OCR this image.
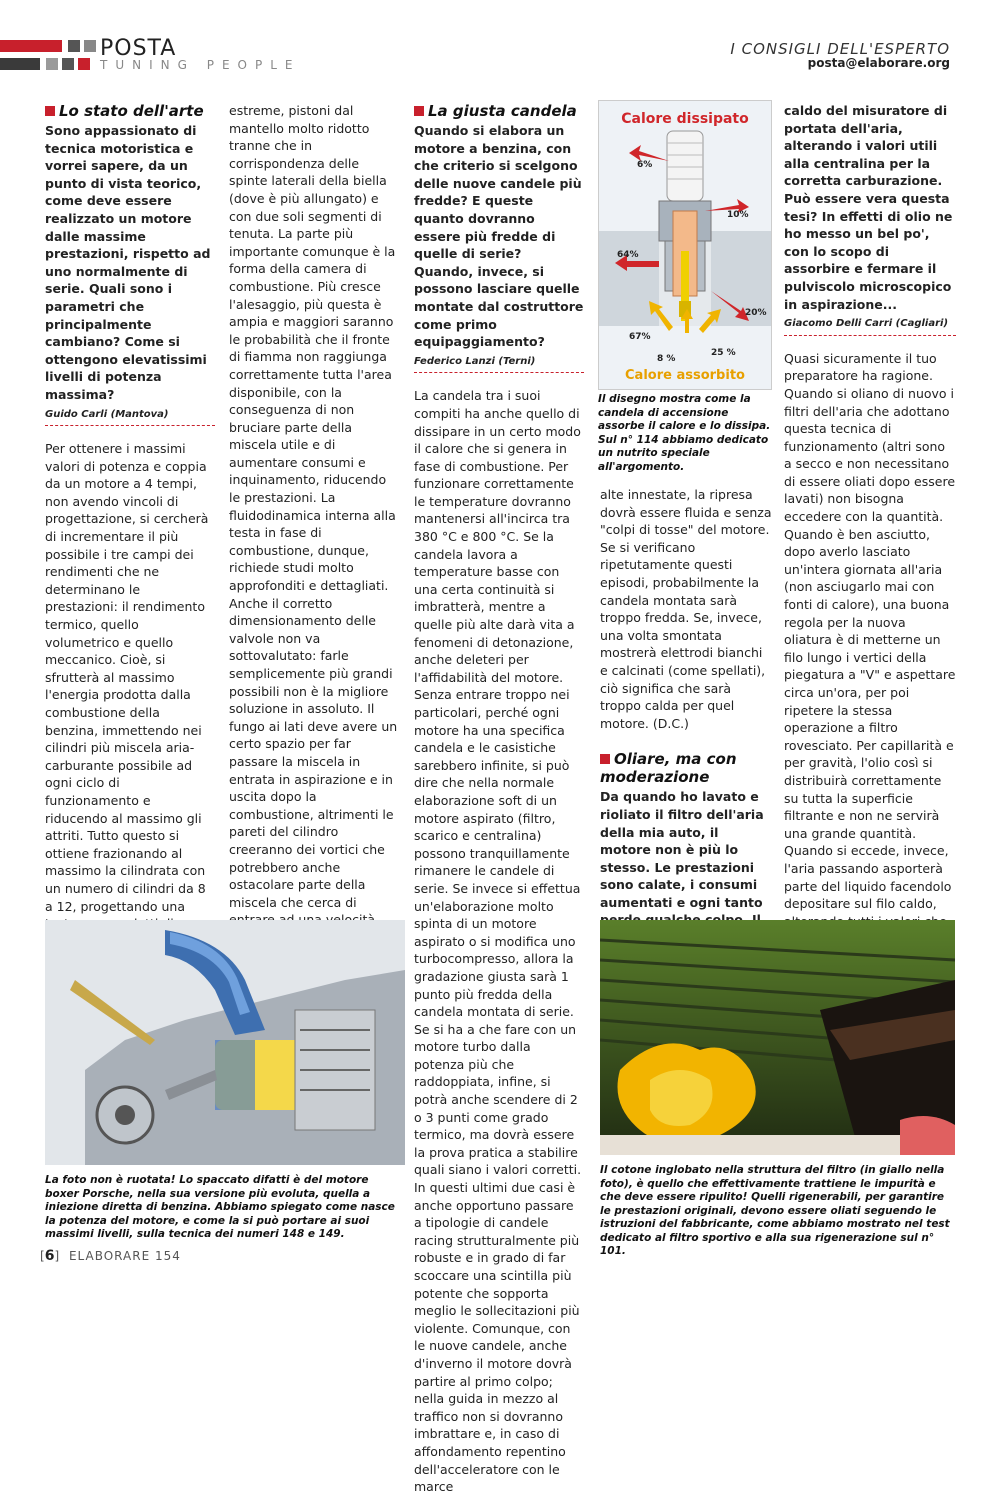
POSTA
TUNING PEOPLE
I CONSIGLI DELL'ESPERTO
posta@elaborare.org
Lo stato dell'arte

Sono appassionato di tecnica motoristica e vorrei sapere, da un punto di vista teorico, come deve essere realizzato un motore dalle massime prestazioni, rispetto ad uno normalmente di serie. Quali sono i parametri che principalmente cambiano? Come si ottengono elevatissimi livelli di potenza massima?

Guido Carli (Mantova)

Per ottenere i massimi valori di potenza e coppia da un motore a 4 tempi, non avendo vincoli di progettazione, si cercherà di incrementare il più possibile i tre campi dei rendimenti che ne determinano le prestazioni: il rendimento termico, quello volumetrico e quello meccanico. Cioè, si sfrutterà al massimo l'energia prodotta dalla combustione della benzina, immettendo nei cilindri più miscela aria-carburante possibile ad ogni ciclo di funzionamento e riducendo al massimo gli attriti. Tutto questo si ottiene frazionando al massimo la cilindrata con un numero di cilindri da 8 a 12, progettando una

estreme, pistoni dal mantello molto ridotto tranne che in corrispondenza delle spinte laterali della biella (dove è più allungato) e con due soli segmenti di tenuta. La parte più importante comunque è la forma della camera di combustione. Più cresce l'alesaggio, più questa è ampia e maggiori saranno le probabilità che il fronte di fiamma non raggiunga correttamente tutta l'area disponibile, con la conseguenza di non bruciare parte della miscela utile e di aumentare consumi e inquinamento, riducendo le prestazioni. La fluidodinamica interna alla testa in fase di combustione, dunque, richiede studi molto approfonditi e dettagliati. Anche il corretto dimensionamento delle valvole non va sottovalutato: farle semplicemente più grandi possibili non è la migliore soluzione in assoluto. Il fungo ai lati deve avere un certo spazio per far passare la miscela in entrata in aspirazione e in uscita dopo la combustione, altrimenti le pareti del cilindro creeranno dei vortici che potrebbero anche ostacolare parte della miscela che cerca di

La giusta candela

Quando si elabora un motore a benzina, con che criterio si scelgono delle nuove candele più fredde? E queste quanto dovranno essere più fredde di quelle di serie? Quando, invece, si possono lasciare quelle montate dal costruttore come primo equipaggiamento?

Federico Lanzi (Terni)

La candela tra i suoi compiti ha anche quello di dissipare in un certo modo il calore che si genera in fase di combustione. Per funzionare correttamente le temperature dovranno mantenersi all'incirca tra 380 °C e 800 °C. Se la candela lavora a temperature basse con una certa continuità si imbratterà, mentre a quelle più alte darà vita a fenomeni di detonazione, anche deleteri per l'affidabilità del motore. Senza entrare troppo nei particolari, perché ogni motore ha una specifica candela e le casistiche sarebbero infinite, si può dire che nella normale elaborazione soft di un motore aspirato (filtro, scarico e centralina) possono tranquillamente rimanere le candele di serie. Se invece si effettua un'elaborazione molto spinta di un motore aspirato o si modifica uno turbocompresso, allora la gradazione giusta sarà 1 punto più fredda della candela montata di serie. Se si ha a che fare con un motore turbo dalla potenza più che raddoppiata, infine, si potrà anche scendere di 2 o 3 punti come grado termico, ma dovrà essere la prova pratica a stabilire quali siano i valori corretti. In questi ultimi due casi è anche opportuno passare a tipologie di candele racing strutturalmente più robuste e in grado di far scoccare una scintilla più potente che sopporta meglio le sollecitazioni più violente. Comunque, con le nuove candele, anche d'inverno il motore dovrà partire al primo colpo; nella guida in mezzo al traffico non si dovranno imbrattare e, in caso di affondamento repentino dell'acceleratore con le marce

Calore dissipato
6%
10%
64%
20%
67%
8 %
25 %
Calore assorbito
Il disegno mostra come la candela di accensione assorbe il calore e lo dissipa. Sul n° 114 abbiamo dedicato un nutrito speciale all'argomento.

alte innestate, la ripresa dovrà essere fluida e senza "colpi di tosse" del motore. Se si verificano ripetutamente questi episodi, probabilmente la candela montata sarà troppo fredda. Se, invece, una volta smontata mostrerà elettrodi bianchi e calcinati (come spellati), ciò significa che sarà troppo calda per quel motore. (D.C.)

Oliare, ma con moderazione

Da quando ho lavato e rioliato il filtro dell'aria della mia auto, il motore non è più lo stesso. Le prestazioni sono calate, i consumi aumentati e ogni tanto

caldo del misuratore di portata dell'aria, alterando i valori utili alla centralina per la corretta carburazione. Può essere vera questa tesi? In effetti di olio ne ho messo un bel po', con lo scopo di assorbire e fermare il pulviscolo microscopico in aspirazione...

Giacomo Delli Carri (Cagliari)

Quasi sicuramente il tuo preparatore ha ragione. Quando si oliano di nuovo i filtri dell'aria che adottano questa tecnica di funzionamento (altri sono a secco e non necessitano di essere oliati dopo essere lavati) non bisogna eccedere con la quantità. Quando è ben asciutto, dopo averlo lasciato un'intera giornata all'aria (non asciugarlo mai con fonti di calore), una buona regola per la nuova oliatura è di metterne un filo lungo i vertici della piegatura a "V" e aspettare circa un'ora, per poi ripetere la stessa operazione a filtro rovesciato. Per capillarità e per gravità, l'olio così si distribuirà correttamente su tutta la superficie filtrante e non ne servirà una grande quantità. Quando si eccede, invece, l'aria passando asporterà parte del liquido facendolo depositare sul filo caldo,

La foto non è ruotata! Lo spaccato difatti è del motore boxer Porsche, nella sua versione più evoluta, quella a iniezione diretta di benzina. Abbiamo spiegato come nasce la potenza del motore, e come la si può portare ai suoi massimi livelli, sulla tecnica dei numeri 148 e 149.
Il cotone inglobato nella struttura del filtro (in giallo nella foto), è quello che effettivamente trattiene le impurità e che deve essere ripulito! Quelli rigenerabili, per garantire le prestazioni originali, devono essere oliati seguendo le istruzioni del fabbricante, come abbiamo mostrato nel test dedicato al filtro sportivo e alla sua rigenerazione sul n° 101.
[6] ELABORARE 154
